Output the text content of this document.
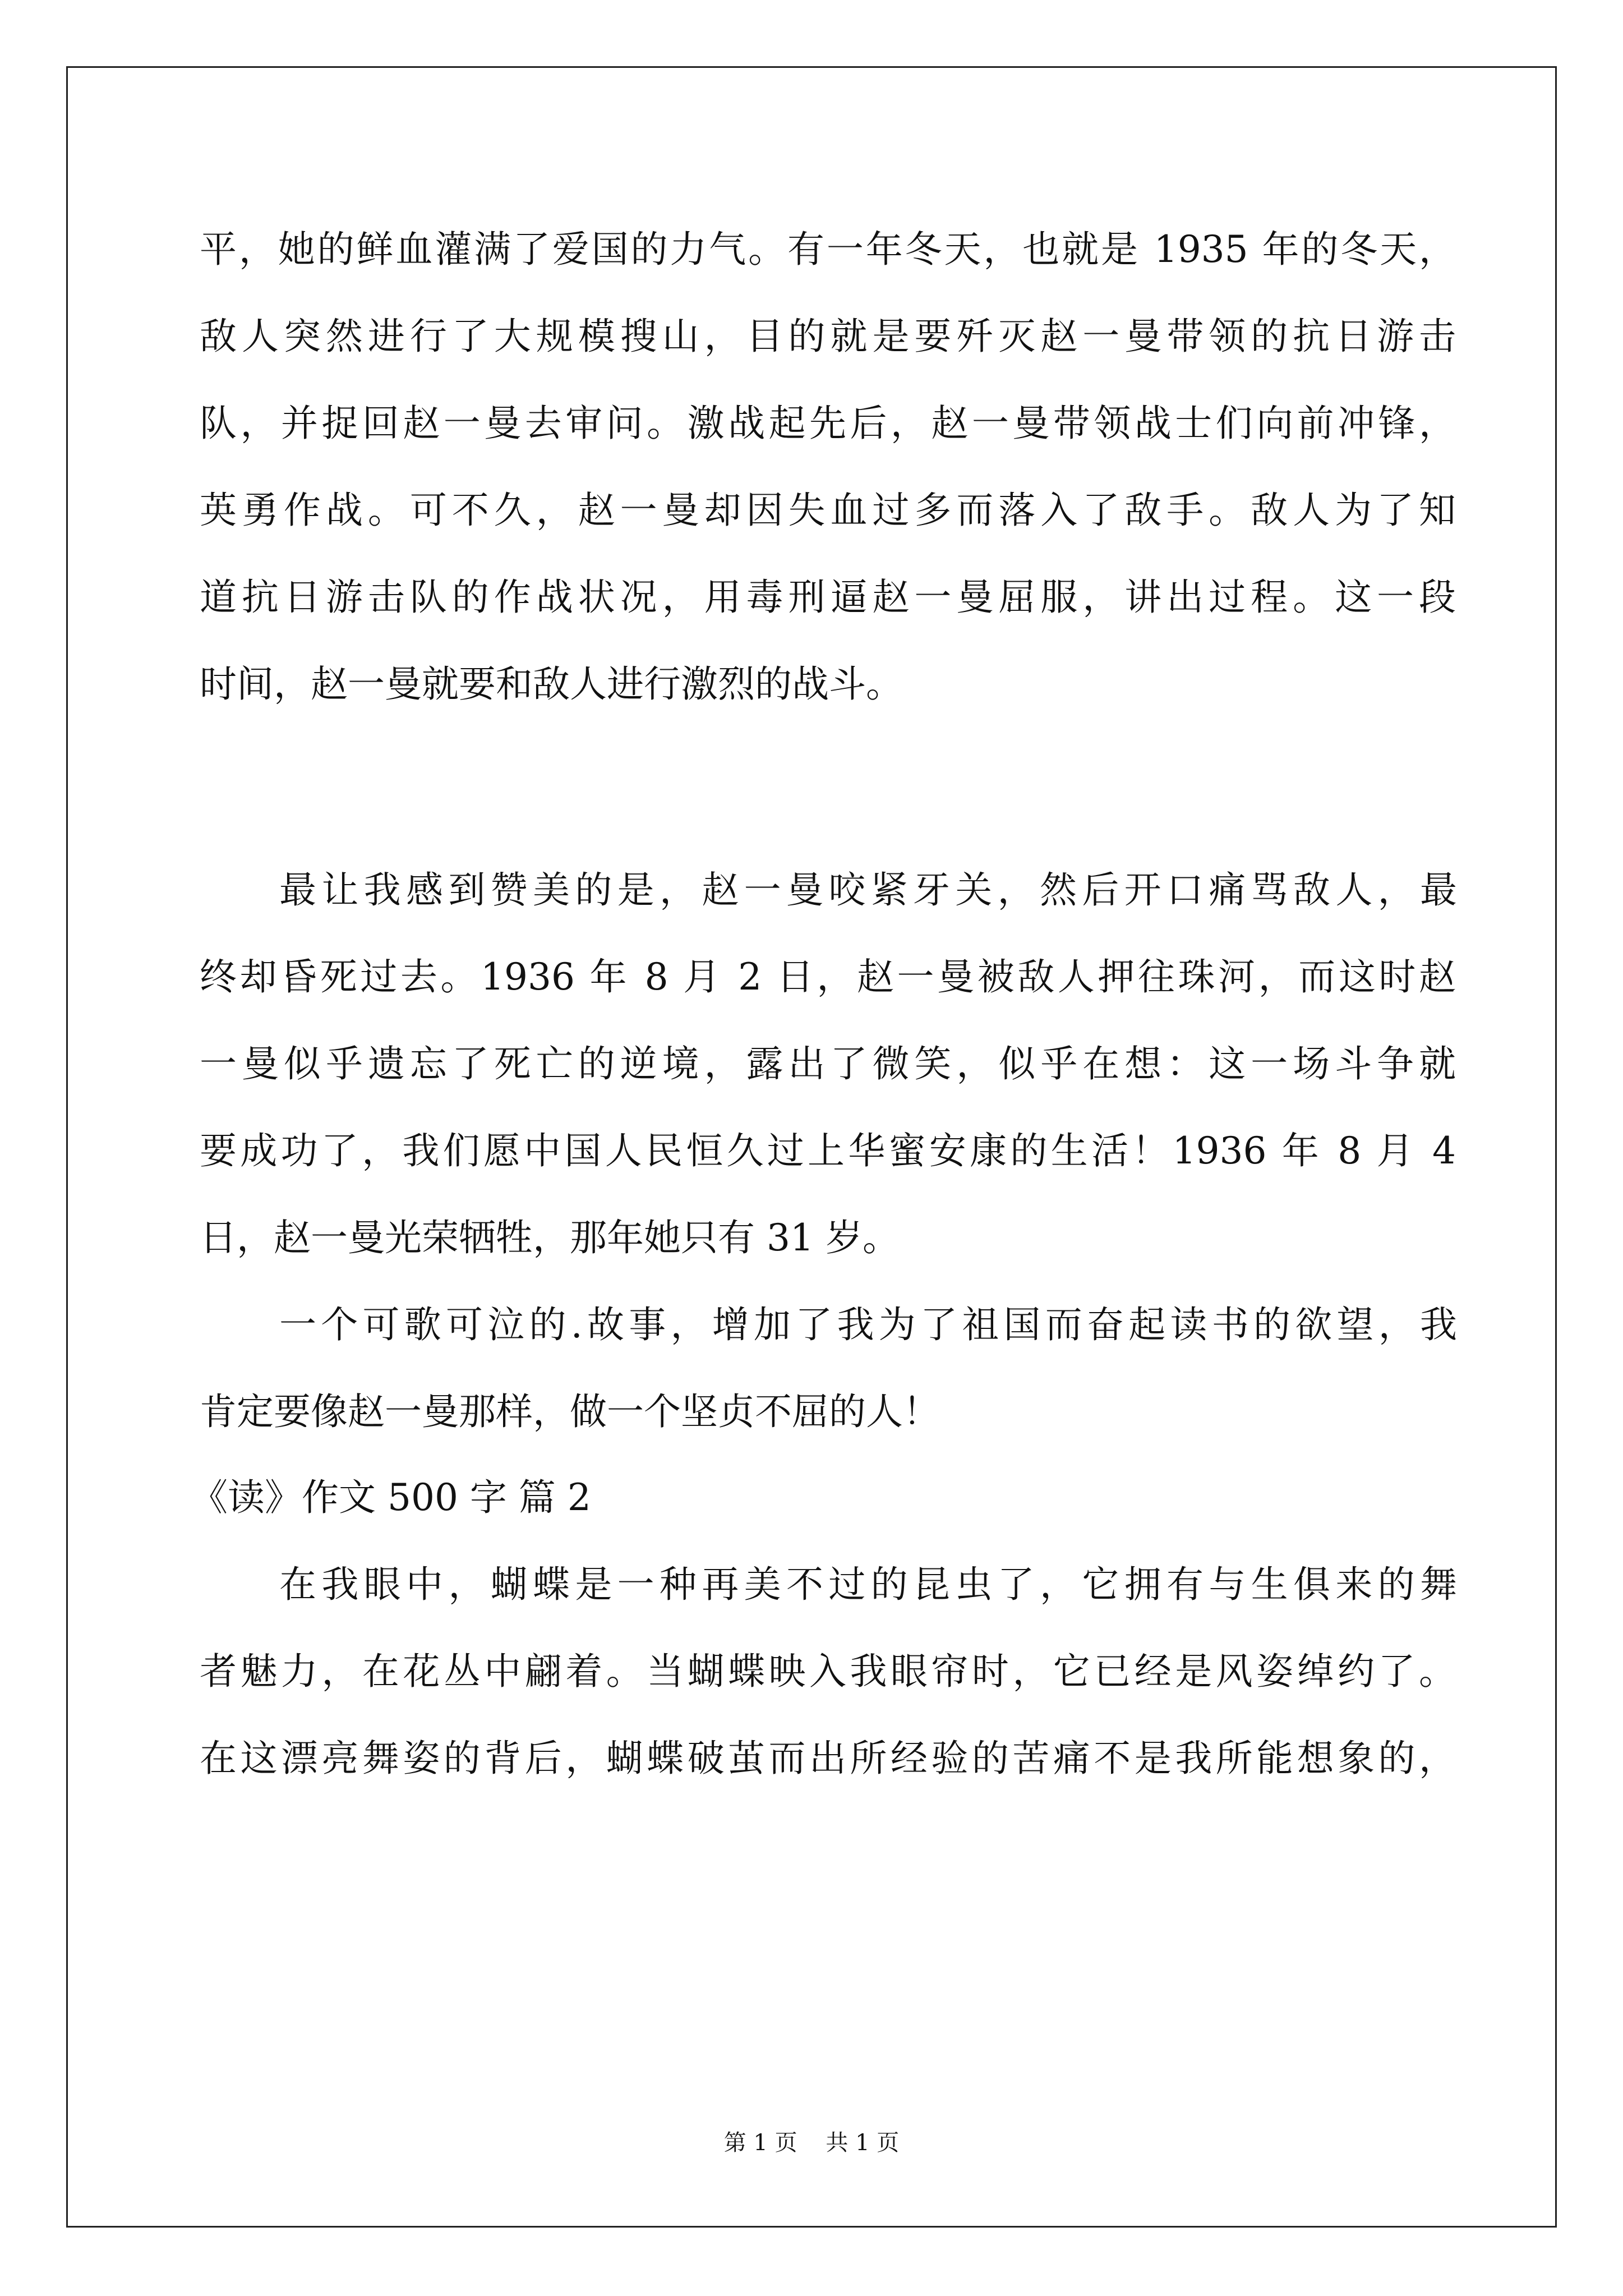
平，她的鲜血灌满了爱国的力气。有一年冬天，也就是 1935 年的冬天，
敌人突然进行了大规模搜山，目的就是要歼灭赵一曼带领的抗日游击
队，并捉回赵一曼去审问。激战起先后，赵一曼带领战士们向前冲锋，
英勇作战。可不久，赵一曼却因失血过多而落入了敌手。敌人为了知
道抗日游击队的作战状况，用毒刑逼赵一曼屈服，讲出过程。这一段
时间，赵一曼就要和敌人进行激烈的战斗。
最让我感到赞美的是，赵一曼咬紧牙关，然后开口痛骂敌人，最
终却昏死过去。1936 年 8 月 2 日，赵一曼被敌人押往珠河，而这时赵
一曼似乎遗忘了死亡的逆境，露出了微笑，似乎在想：这一场斗争就
要成功了，我们愿中国人民恒久过上华蜜安康的生活！1936 年 8 月 4
日，赵一曼光荣牺牲，那年她只有 31 岁。
一个可歌可泣的.故事，增加了我为了祖国而奋起读书的欲望，我
肯定要像赵一曼那样，做一个坚贞不屈的人！
《读》作文 500 字 篇 2
在我眼中，蝴蝶是一种再美不过的昆虫了，它拥有与生俱来的舞
者魅力，在花丛中翩着。当蝴蝶映入我眼帘时，它已经是风姿绰约了。
在这漂亮舞姿的背后，蝴蝶破茧而出所经验的苦痛不是我所能想象的，
第 1 页    共 1 页
